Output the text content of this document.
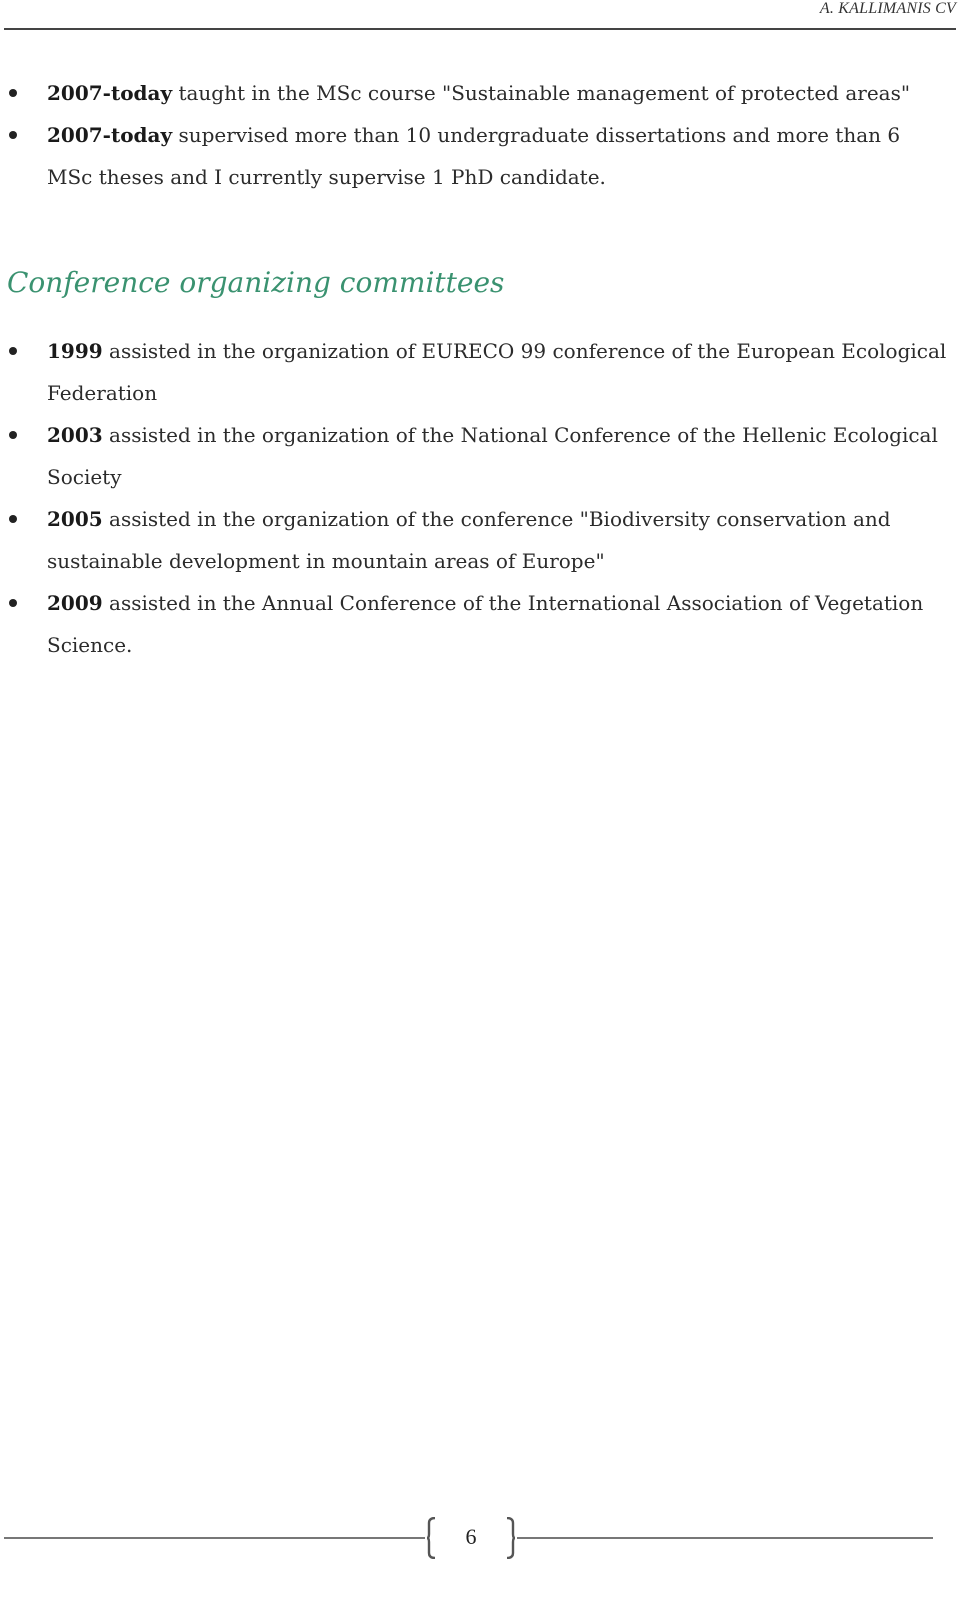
A. KALLIMANIS CV
2007-today taught in the MSc course "Sustainable management of protected areas"
2007-today supervised more than 10 undergraduate dissertations and more than 6 MSc theses and I currently supervise 1 PhD candidate.
Conference organizing committees
1999 assisted in the organization of EURECO 99 conference of the European Ecological Federation
2003 assisted in the organization of the National Conference of the Hellenic Ecological Society
2005 assisted in the organization of the conference "Biodiversity conservation and sustainable development in mountain areas of Europe"
2009 assisted in the Annual Conference of the International Association of Vegetation Science.
6
